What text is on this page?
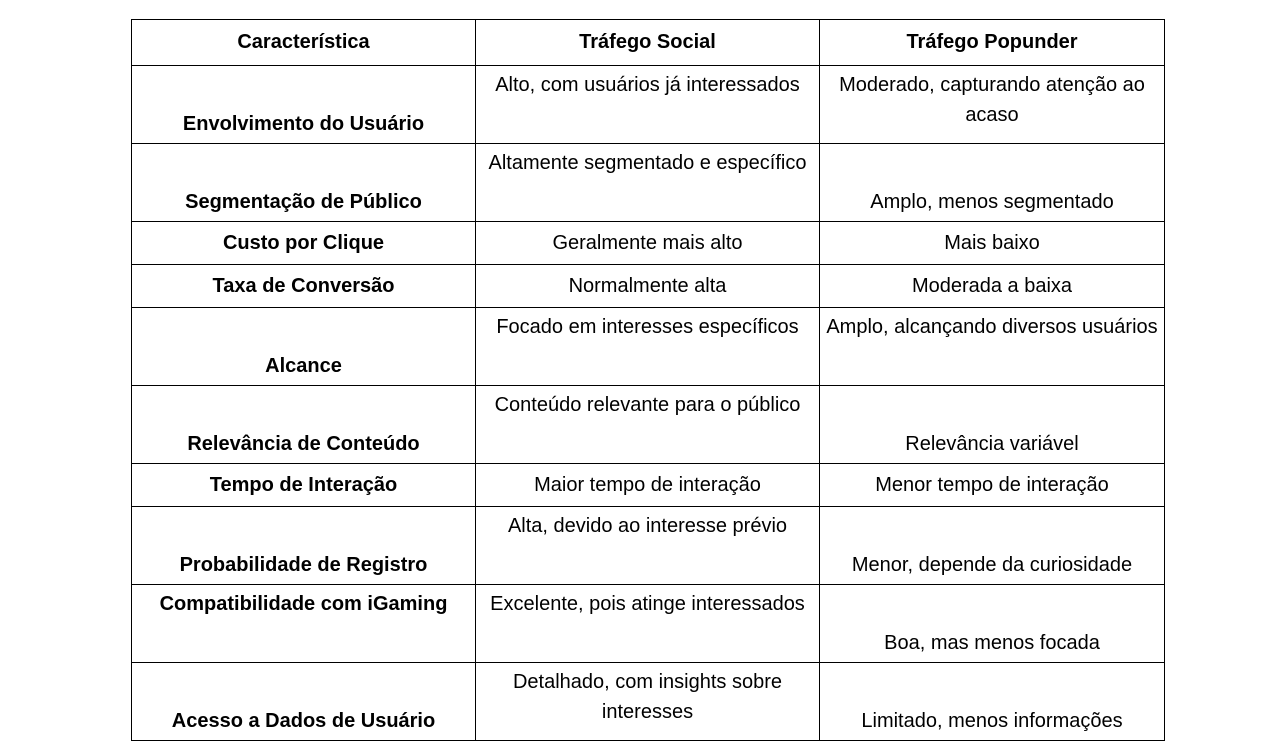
Característica	Tráfego Social	Tráfego Popunder
Envolvimento do Usuário	Alto, com usuários já interessados	Moderado, capturando atenção ao acaso
Segmentação de Público	Altamente segmentado e específico	Amplo, menos segmentado
Custo por Clique	Geralmente mais alto	Mais baixo
Taxa de Conversão	Normalmente alta	Moderada a baixa
Alcance	Focado em interesses específicos	Amplo, alcançando diversos usuários
Relevância de Conteúdo	Conteúdo relevante para o público	Relevância variável
Tempo de Interação	Maior tempo de interação	Menor tempo de interação
Probabilidade de Registro	Alta, devido ao interesse prévio	Menor, depende da curiosidade
Compatibilidade com iGaming	Excelente, pois atinge interessados	Boa, mas menos focada
Acesso a Dados de Usuário	Detalhado, com insights sobre interesses	Limitado, menos informações
